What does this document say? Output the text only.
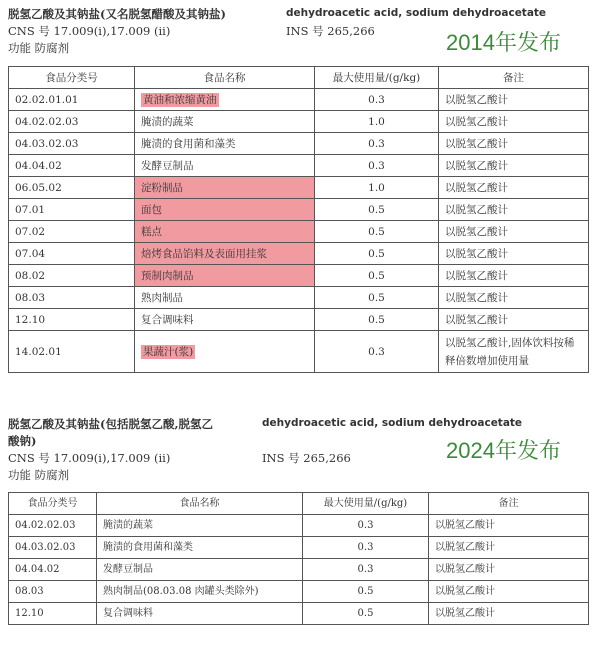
脱氢乙酸及其钠盐(又名脱氢醋酸及其钠盐)	dehydroacetic acid, sodium dehydroacetate
CNS 号 17.009(i),17.009 (ii)	INS 号 265,266
功能 防腐剂	2014年发布
食品分类号	食品名称	最大使用量/(g/kg)	备注
02.02.01.01	黄油和浓缩黄油	0.3	以脱氢乙酸计
04.02.02.03	腌渍的蔬菜	1.0	以脱氢乙酸计
04.03.02.03	腌渍的食用菌和藻类	0.3	以脱氢乙酸计
04.04.02	发酵豆制品	0.3	以脱氢乙酸计
06.05.02	淀粉制品	1.0	以脱氢乙酸计
07.01	面包	0.5	以脱氢乙酸计
07.02	糕点	0.5	以脱氢乙酸计
07.04	焙烤食品馅料及表面用挂浆	0.5	以脱氢乙酸计
08.02	预制肉制品	0.5	以脱氢乙酸计
08.03	熟肉制品	0.5	以脱氢乙酸计
12.10	复合调味料	0.5	以脱氢乙酸计
14.02.01	果蔬汁(浆)	0.3	以脱氢乙酸计,固体饮料按稀
释倍数增加使用量
脱氢乙酸及其钠盐(包括脱氢乙酸,脱氢乙
酸钠)
dehydroacetic acid, sodium dehydroacetate
CNS 号 17.009(i),17.009 (ii)	INS 号 265,266
功能 防腐剂
2024年发布
食品分类号	食品名称	最大使用量/(g/kg)	备注
04.02.02.03	腌渍的蔬菜	0.3	以脱氢乙酸计
04.03.02.03	腌渍的食用菌和藻类	0.3	以脱氢乙酸计
04.04.02	发酵豆制品	0.3	以脱氢乙酸计
08.03	熟肉制品(08.03.08 肉罐头类除外)	0.5	以脱氢乙酸计
12.10	复合调味料	0.5	以脱氢乙酸计
